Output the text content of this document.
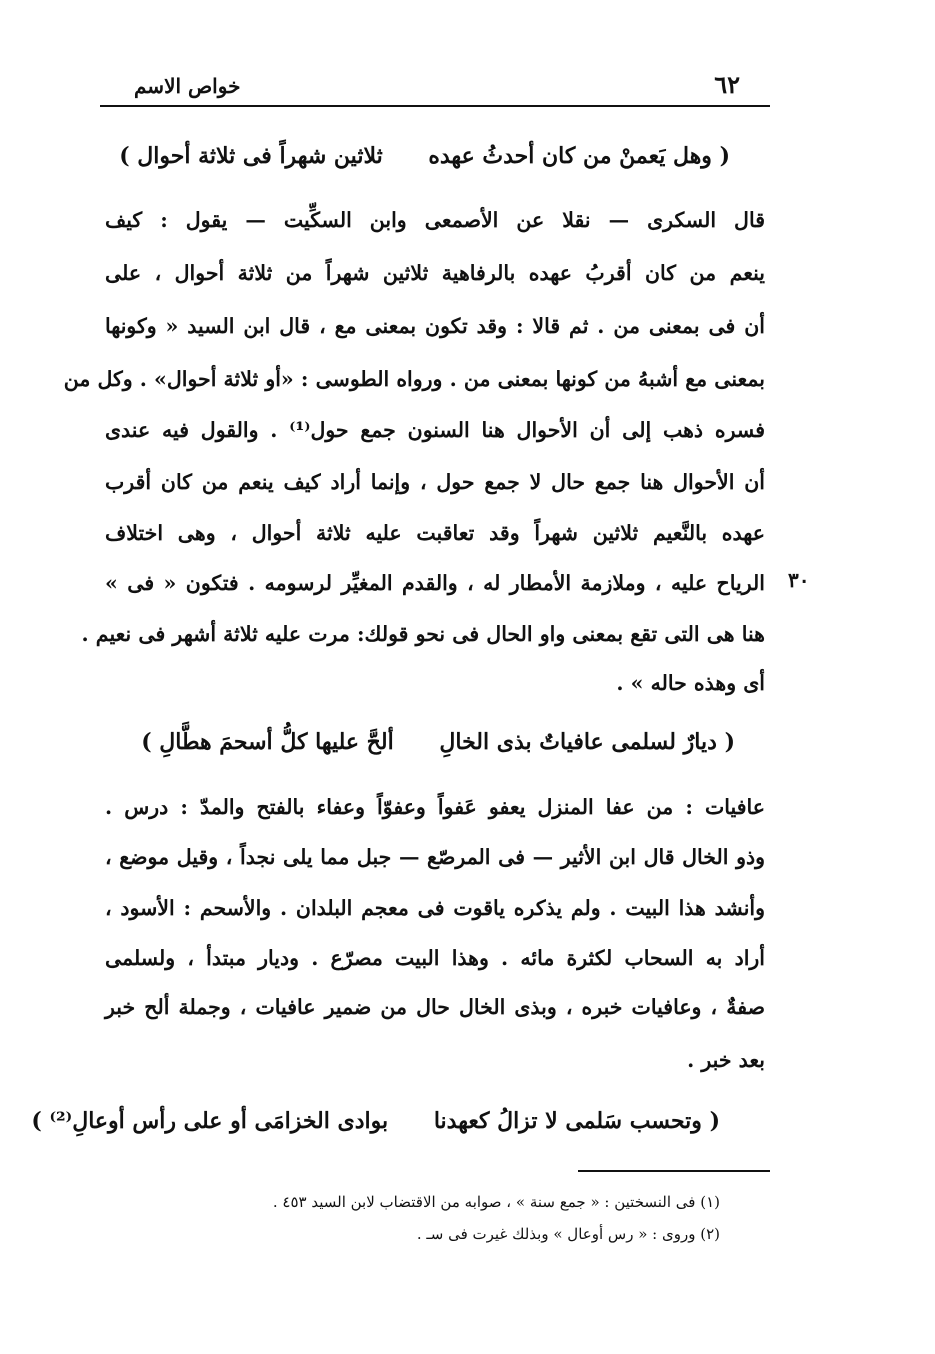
خواص الاسم	٦٢
( وهل يَعمنْ من كان أحدثُ عهده ثلاثين شهراً فى ثلاثة أحوال )
قال السكرى — نقلا عن الأصمعى وابن السكِّيت — يقول : كيف
ينعم من كان أقربُ عهده بالرفاهية ثلاثين شهراً من ثلاثة أحوال ، على
أن فى بمعنى من . ثم قالا : وقد تكون بمعنى مع ، قال ابن السيد « وكونها
بمعنى مع أشبهُ من كونها بمعنى من . ورواه الطوسى : «أو ثلاثة أحوال» . وكل من
فسره ذهب إلى أن الأحوال هنا السنون جمع حول⁽¹⁾ . والقول فيه عندى
أن الأحوال هنا جمع حال لا جمع حول ، وإنما أراد كيف ينعم من كان أقرب
عهده بالنَّعيم ثلاثين شهراً وقد تعاقبت عليه ثلاثة أحوال ، وهى اختلاف
الرياح عليه ، وملازمة الأمطار له ، والقدم المغيِّر لرسومه . فتكون « فى »
هنا هى التى تقع بمعنى واو الحال فى نحو قولك: مرت عليه ثلاثة أشهر فى نعيم .
أى وهذه حاله » .
٣٠
( ديارٌ لسلمى عافياتٌ بذى الخالِ ألحَّ عليها كلُّ أسحمَ هطَّالِ )
عافيات : من عفا المنزل يعفو عَفواً وعفوّاً وعفاء بالفتح والمدّ : درس .
وذو الخال قال ابن الأثير — فى المرصّع — جبل مما يلى نجداً ، وقيل موضع ،
وأنشد هذا البيت . ولم يذكره ياقوت فى معجم البلدان . والأسحم : الأسود ،
أراد به السحاب لكثرة مائه . وهذا البيت مصرّع . وديار مبتدأ ، ولسلمى
صفةٌ ، وعافيات خبره ، وبذى الخال حال من ضمير عافيات ، وجملة ألح خبر
بعد خبر .
( وتحسب سَلمى لا تزالُ كعهدنا بوادى الخزامَى أو على رأس أوعالِ⁽²⁾ )
(١) فى النسختين : « جمع سنة » ، صوابه من الاقتضاب لابن السيد ٤٥٣ .
(٢) وروى : « رس أوعال » وبذلك غيرت فى سـ .
